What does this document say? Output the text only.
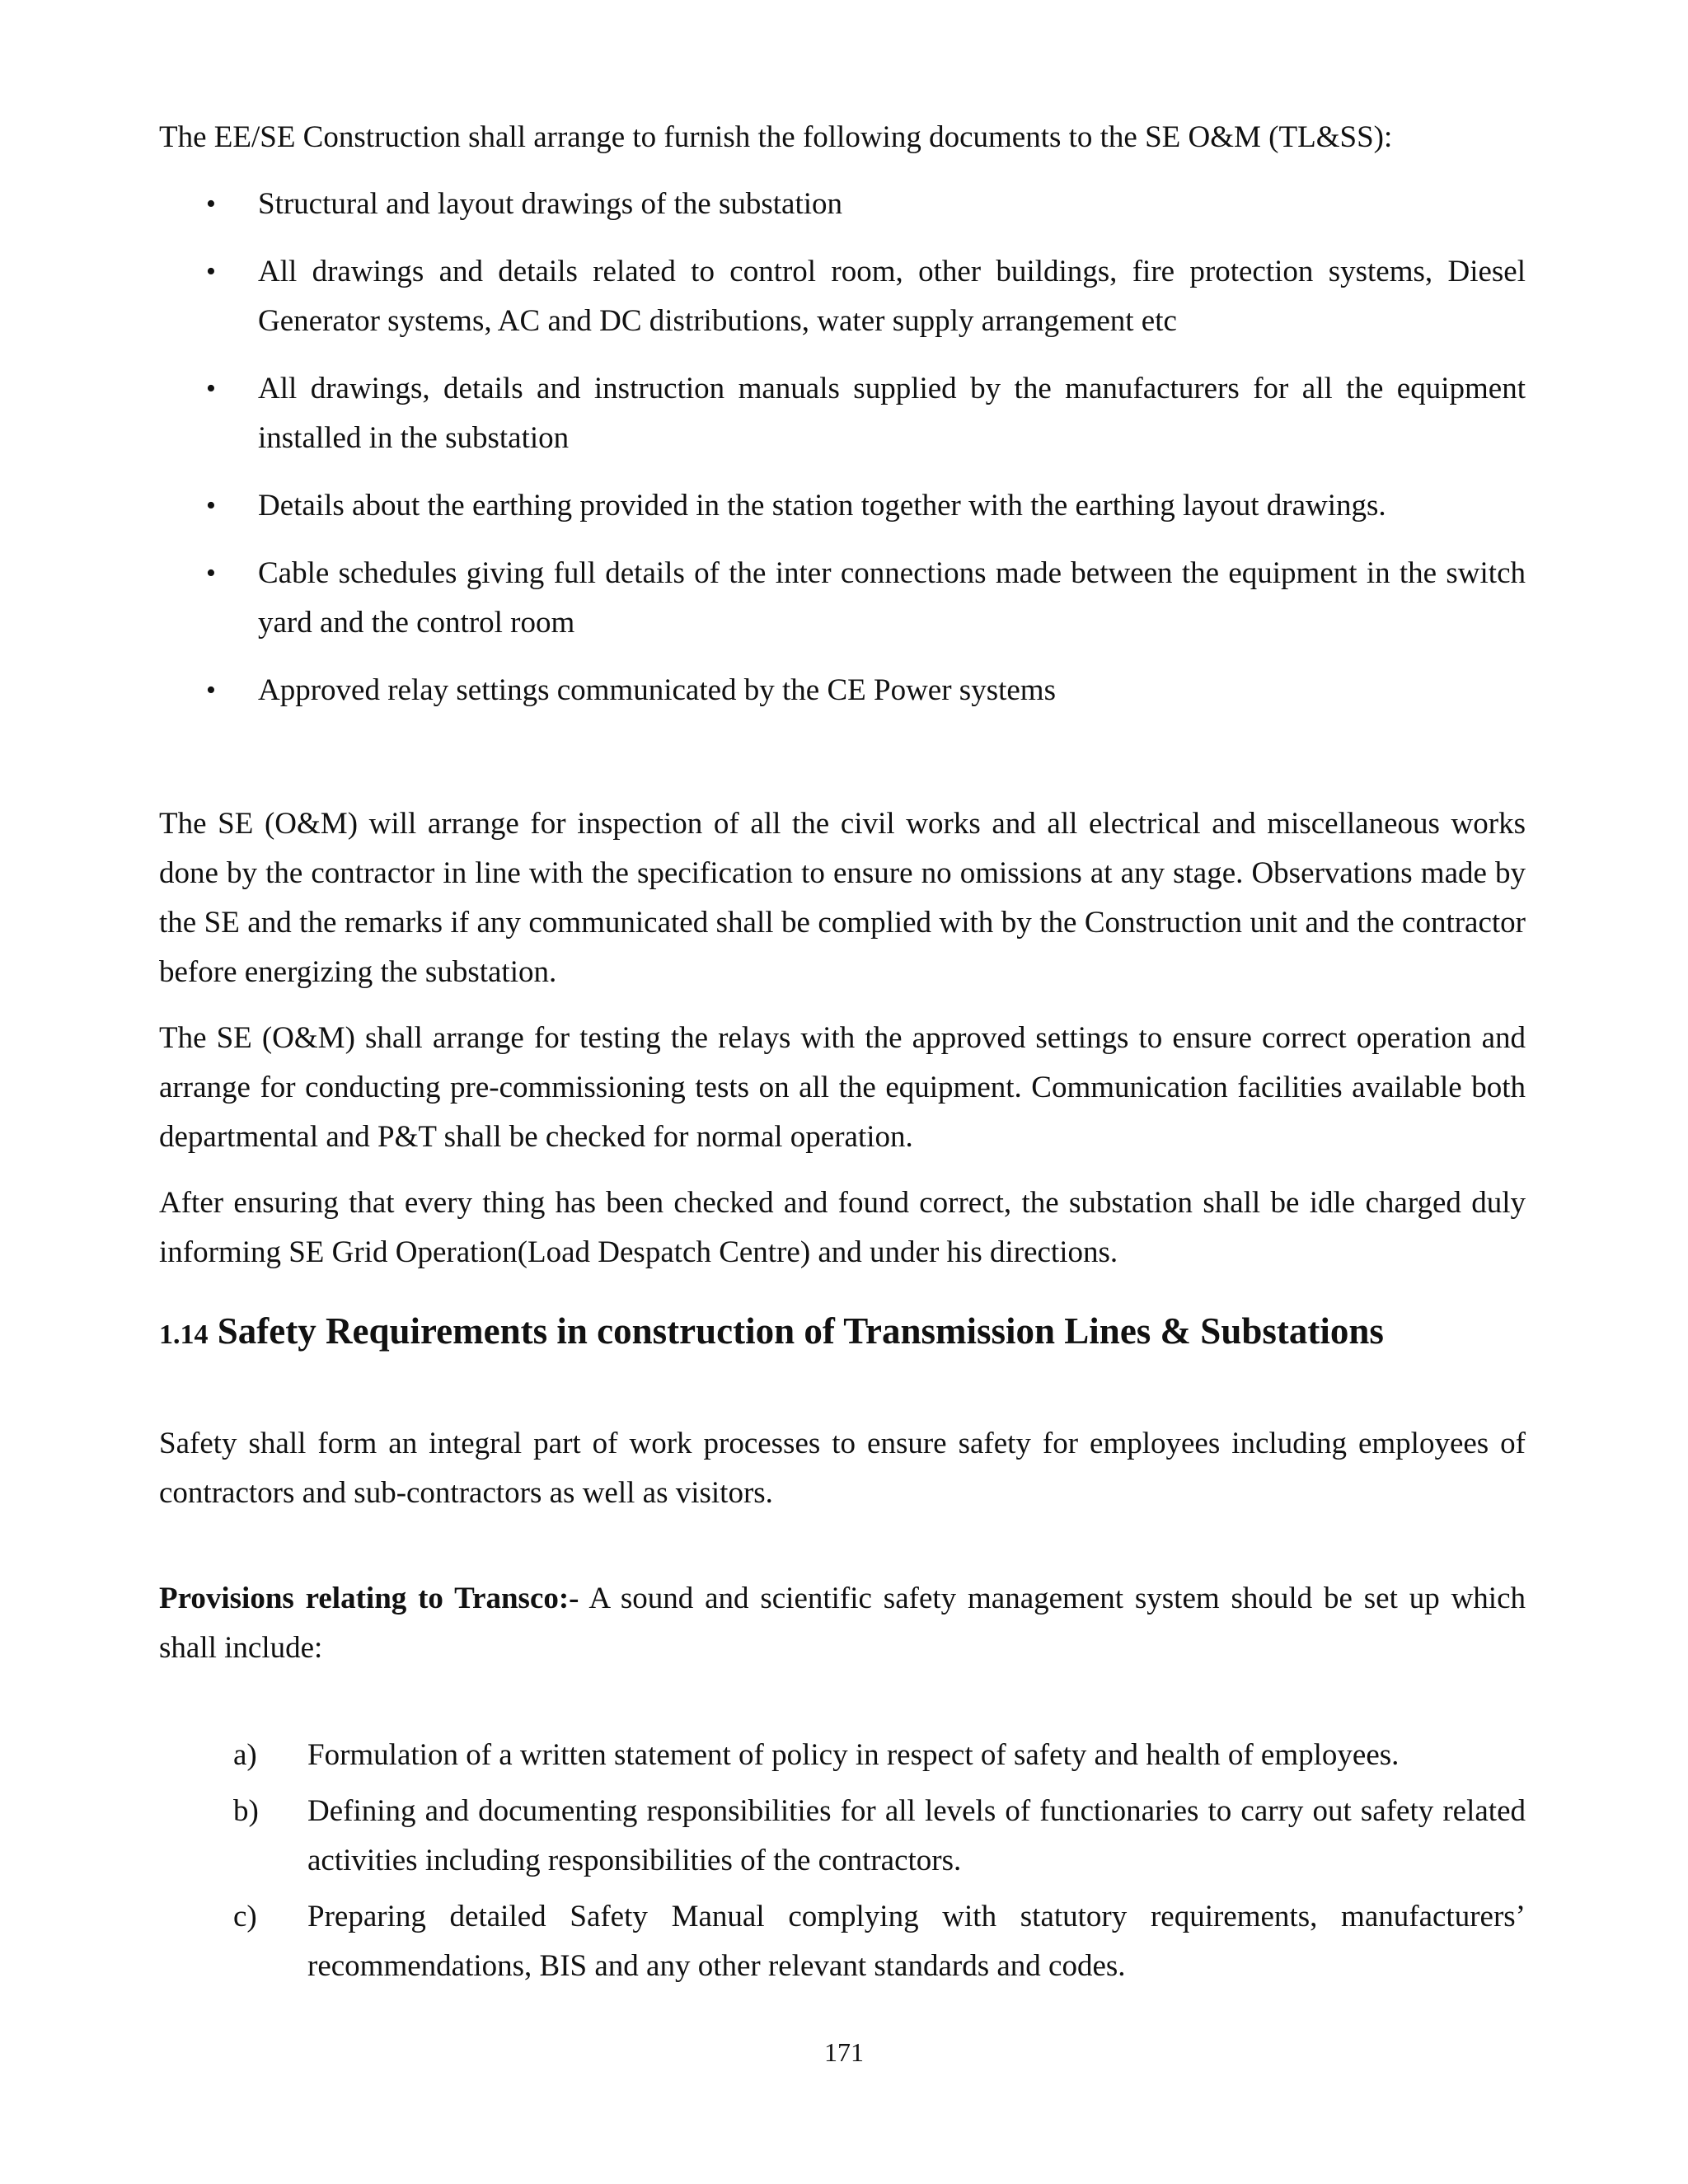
The EE/SE Construction shall arrange to furnish the following documents to the SE O&M (TL&SS):

• Structural and layout drawings of the substation
• All drawings and details related to control room, other buildings, fire protection systems, Diesel Generator systems, AC and DC distributions, water supply arrangement etc
• All drawings, details and instruction manuals supplied by the manufacturers for all the equipment installed in the substation
• Details about the earthing provided in the station together with the earthing layout drawings.
• Cable schedules giving full details of the inter connections made between the equipment in the switch yard and the control room
• Approved relay settings communicated by the CE Power systems

The SE (O&M) will arrange for inspection of all the civil works and all electrical and miscellaneous works done by the contractor in line with the specification to ensure no omissions at any stage. Observations made by the SE and the remarks if any communicated shall be complied with by the Construction unit and the contractor before energizing the substation.

The SE (O&M) shall arrange for testing the relays with the approved settings to ensure correct operation and arrange for conducting pre-commissioning tests on all the equipment. Communication facilities available both departmental and P&T shall be checked for normal operation.

After ensuring that every thing has been checked and found correct, the substation shall be idle charged duly informing SE Grid Operation(Load Despatch Centre) and under his directions.

1.14 Safety Requirements in construction of Transmission Lines & Substations

Safety shall form an integral part of work processes to ensure safety for employees including employees of contractors and sub-contractors as well as visitors.

Provisions relating to Transco:- A sound and scientific safety management system should be set up which shall include:

a) Formulation of a written statement of policy in respect of safety and health of employees.
b) Defining and documenting responsibilities for all levels of functionaries to carry out safety related activities including responsibilities of the contractors.
c) Preparing detailed Safety Manual complying with statutory requirements, manufacturers’ recommendations, BIS and any other relevant standards and codes.
171
